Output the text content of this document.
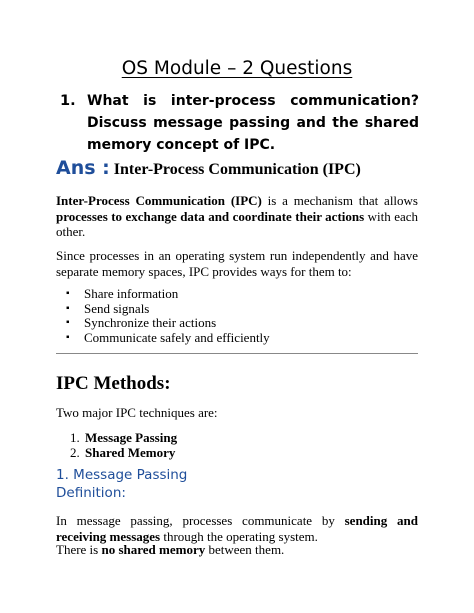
OS Module – 2 Questions
1. What is inter-process communication? Discuss message passing and the shared memory concept of IPC.

Ans : Inter-Process Communication (IPC)

Inter-Process Communication (IPC) is a mechanism that allows processes to exchange data and coordinate their actions with each other.

Since processes in an operating system run independently and have separate memory spaces, IPC provides ways for them to:

▪ Share information
▪ Send signals
▪ Synchronize their actions
▪ Communicate safely and efficiently
IPC Methods:

Two major IPC techniques are:

1. Message Passing
2. Shared Memory
1. Message Passing
Definition:

In message passing, processes communicate by sending and receiving messages through the operating system.

There is no shared memory between them.
